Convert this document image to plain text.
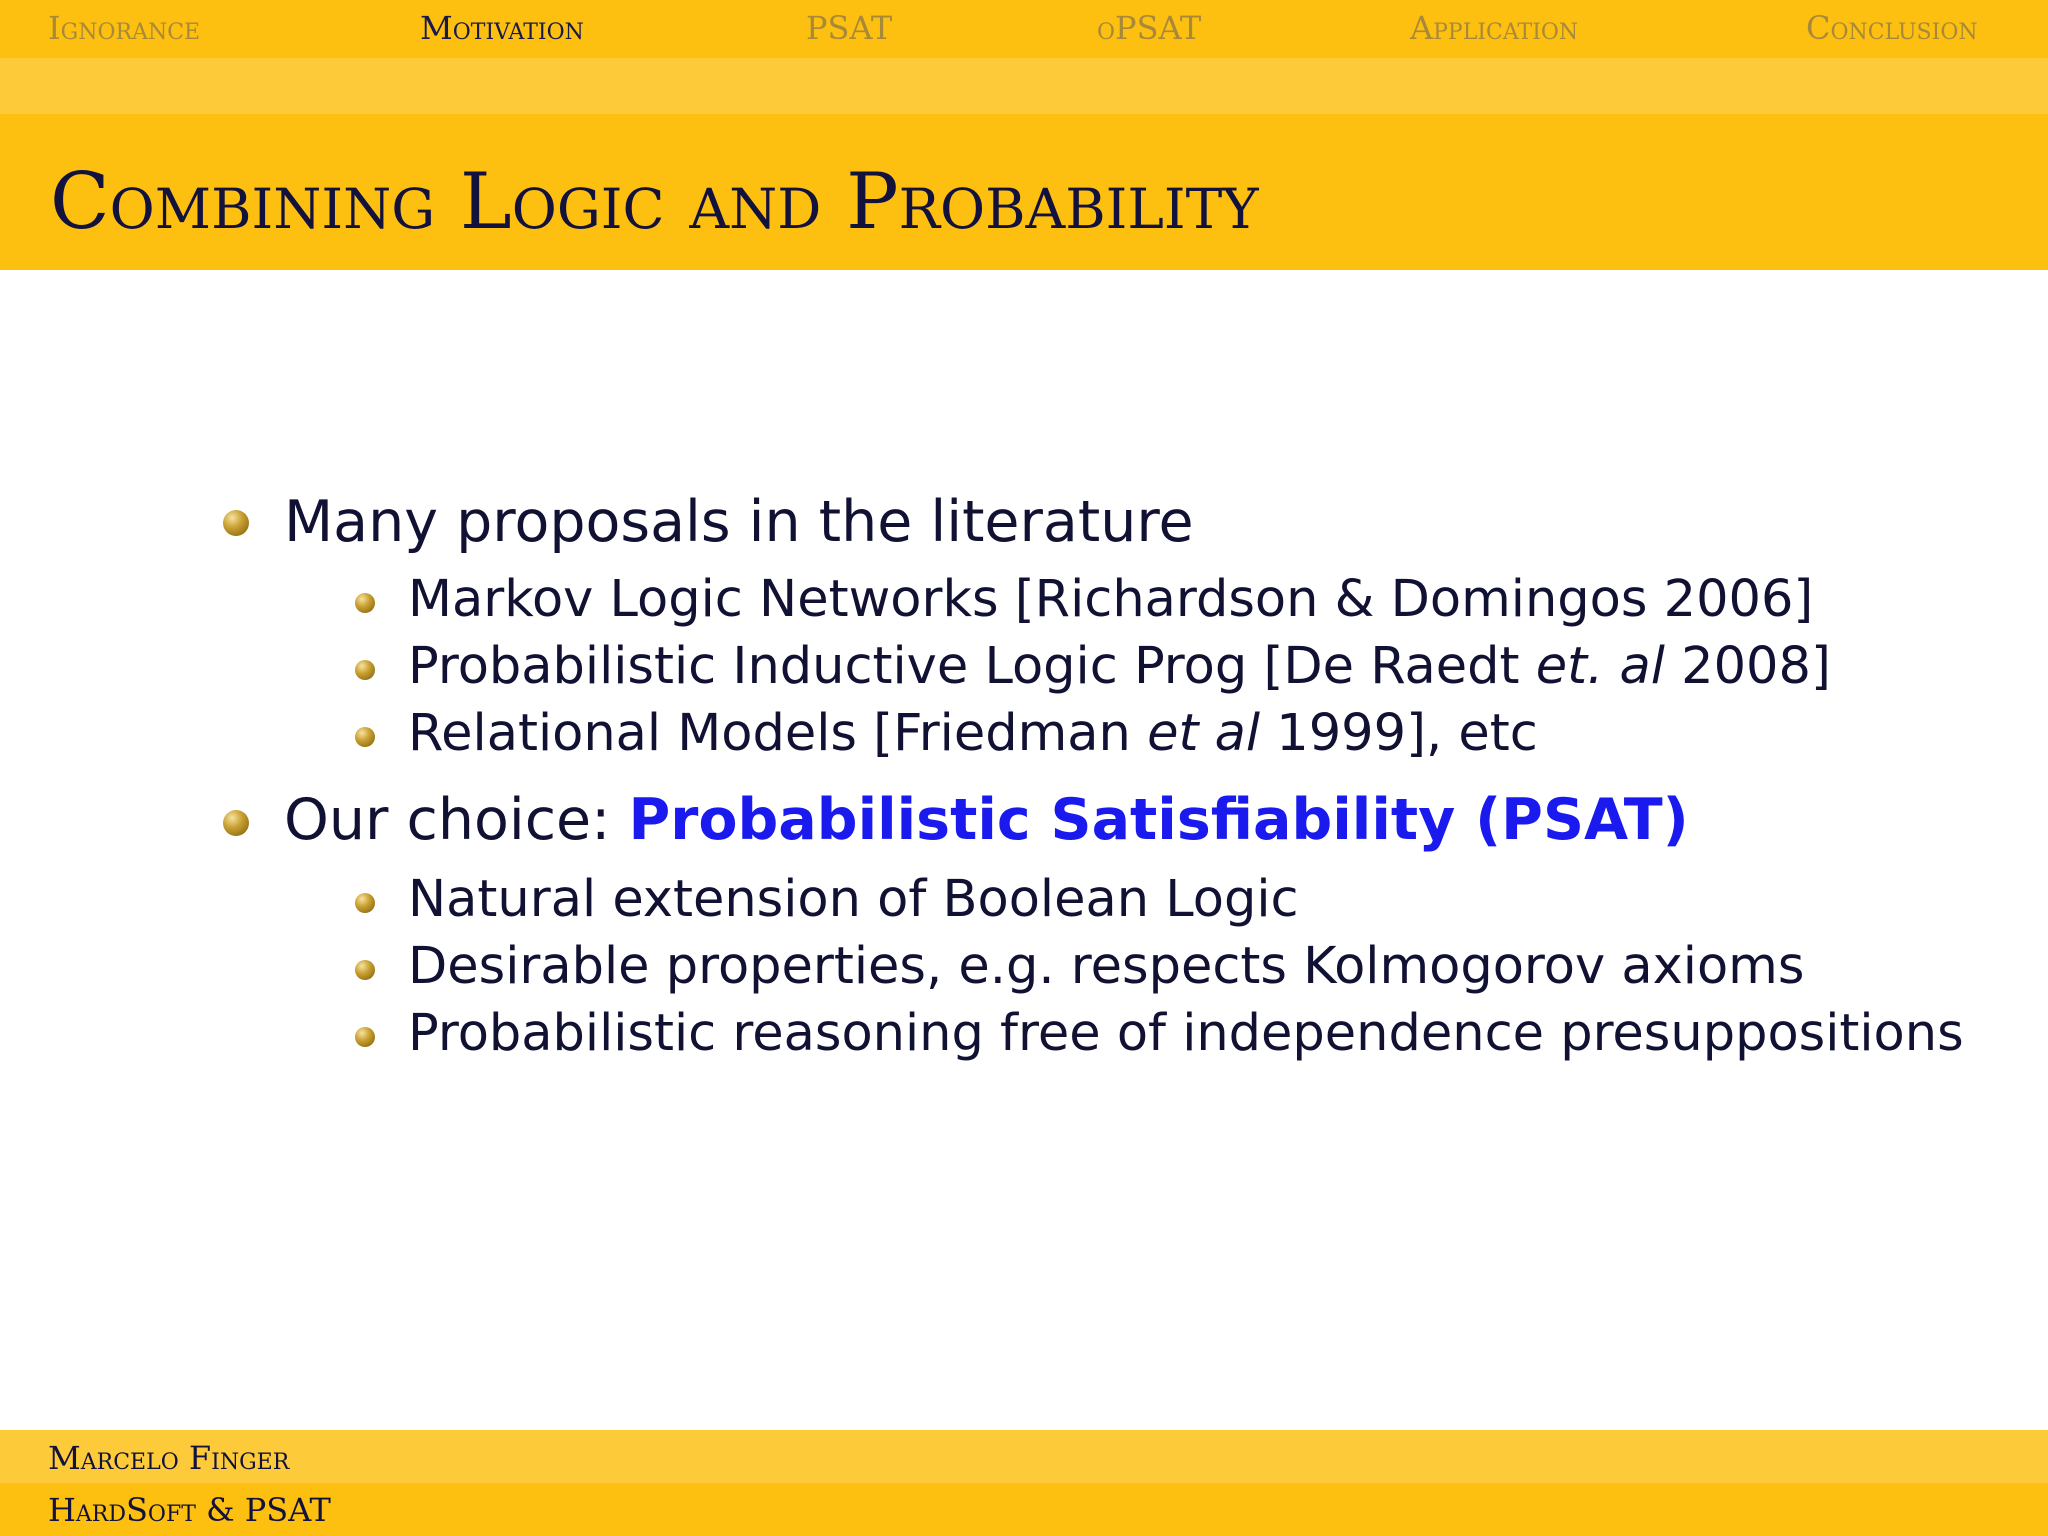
Ignorance	Motivation	PSAT	oPSAT	Application	Conclusion
Combining Logic and Probability
Many proposals in the literature
Markov Logic Networks [Richardson & Domingos 2006]
Probabilistic Inductive Logic Prog [De Raedt et. al 2008]
Relational Models [Friedman et al 1999], etc
Our choice: Probabilistic Satisfiability (PSAT)
Natural extension of Boolean Logic
Desirable properties, e.g. respects Kolmogorov axioms
Probabilistic reasoning free of independence presuppositions
Marcelo Finger
HardSoft & PSAT
